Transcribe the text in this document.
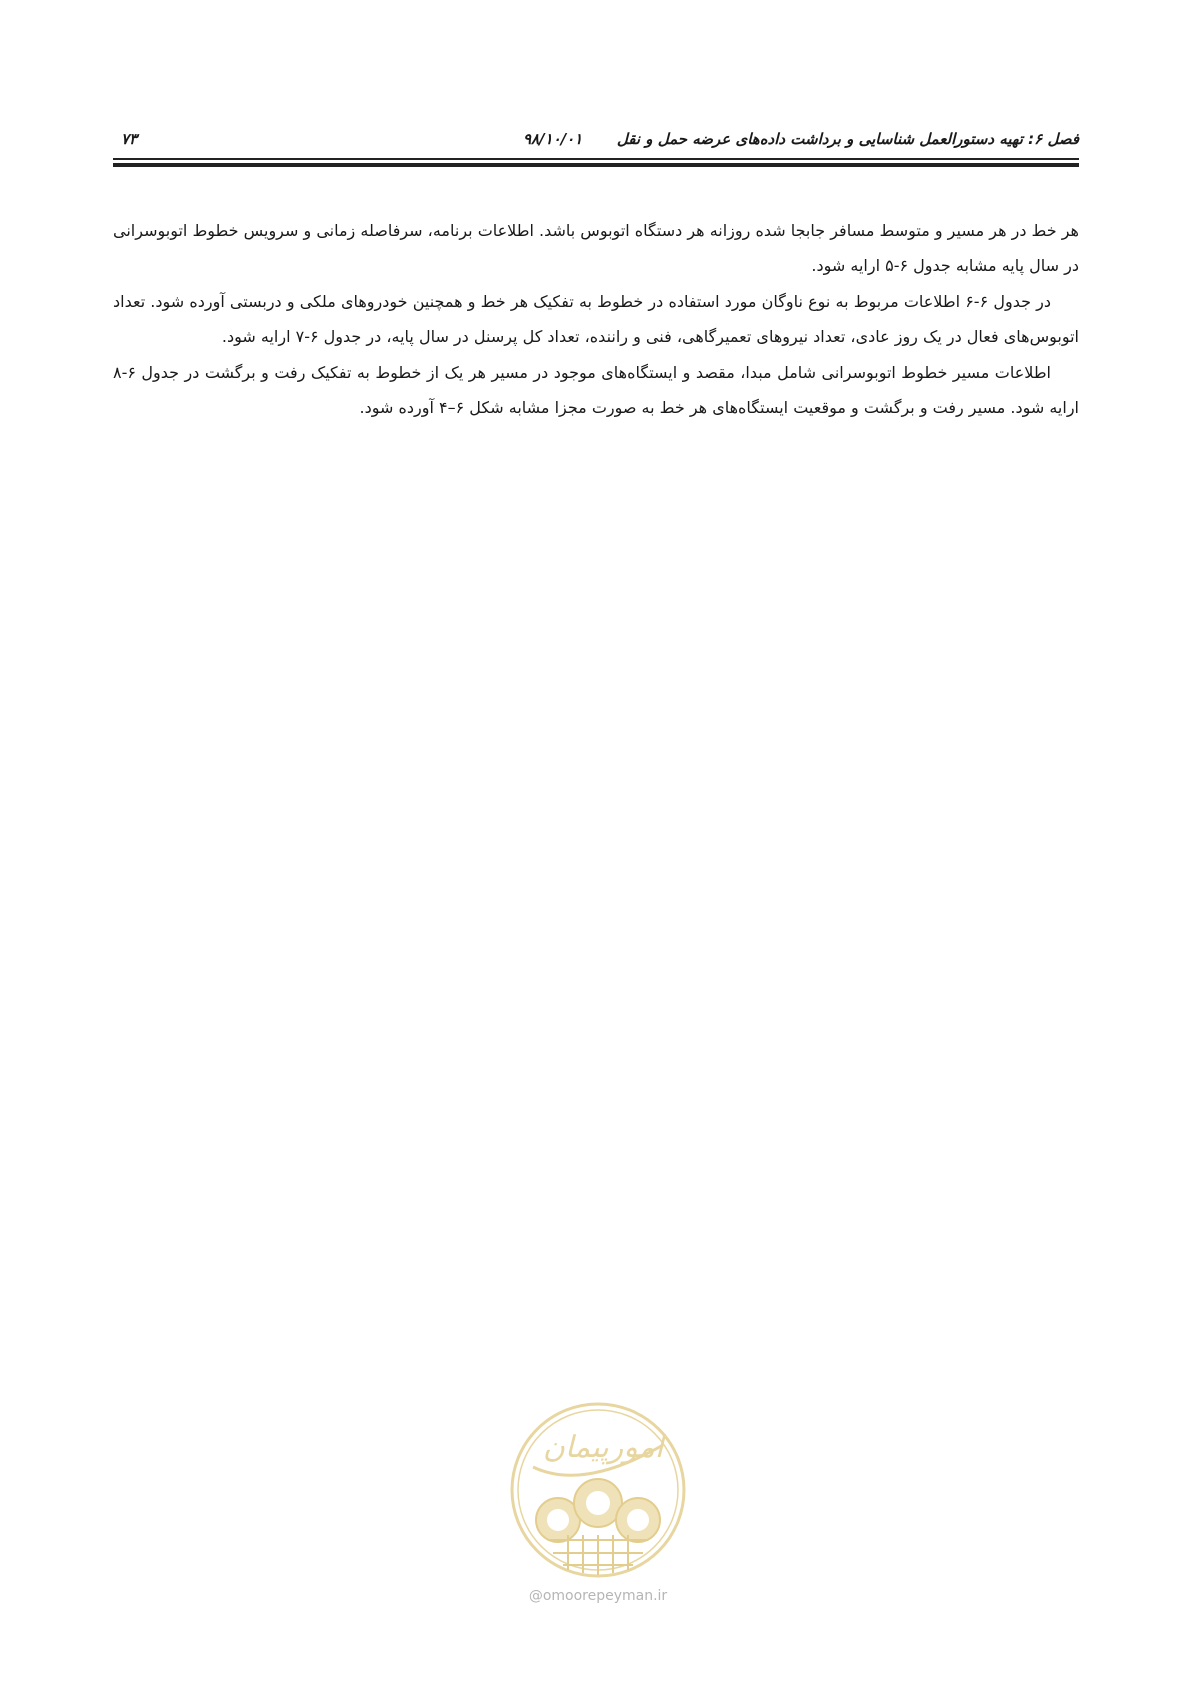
فصل ۶: تهیه دستورالعمل شناسایی و برداشت داده‌های عرضه حمل و نقل
۹۸/۱۰/۰۱
۷۳

هر خط در هر مسیر و متوسط مسافر جابجا شده روزانه هر دستگاه اتوبوس باشد. اطلاعات برنامه، سرفاصله زمانی و سرویس خطوط اتوبوسرانی در سال پایه مشابه جدول ۶-۵ ارایه شود.

در جدول ۶-۶ اطلاعات مربوط به نوع ناوگان مورد استفاده در خطوط به تفکیک هر خط و همچنین خودروهای ملکی و دربستی آورده شود. تعداد اتوبوس‌های فعال در یک روز عادی، تعداد نیروهای تعمیرگاهی، فنی و راننده، تعداد کل پرسنل در سال پایه، در جدول ۶-۷ ارایه شود.

اطلاعات مسیر خطوط اتوبوسرانی شامل مبدا، مقصد و ایستگاه‌های موجود در مسیر هر یک از خطوط به تفکیک رفت و برگشت در جدول ۶-۸ ارایه شود. مسیر رفت و برگشت و موقعیت ایستگاه‌های هر خط به صورت مجزا مشابه شکل ۶–۴ آورده شود.

امورپیمان
@omoorepeyman.ir
